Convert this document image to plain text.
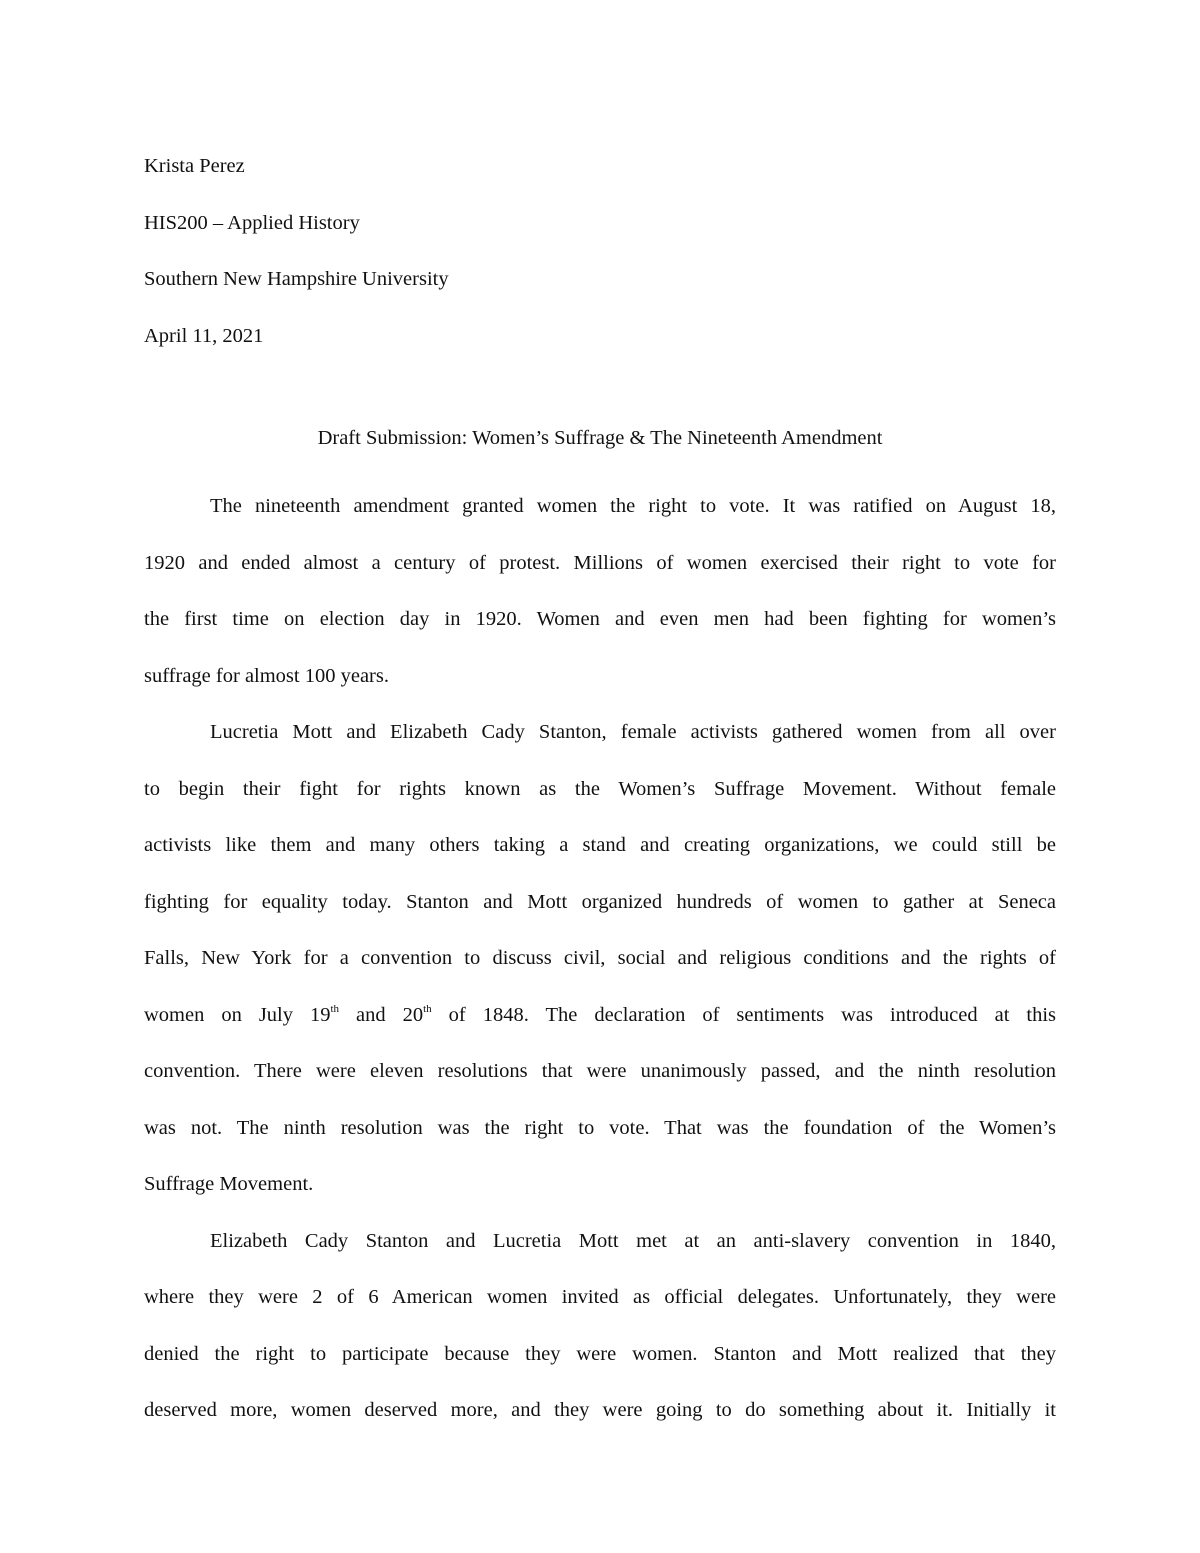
Krista Perez
HIS200 – Applied History
Southern New Hampshire University
April 11, 2021
Draft Submission: Women’s Suffrage & The Nineteenth Amendment
The nineteenth amendment granted women the right to vote. It was ratified on August 18,
1920 and ended almost a century of protest. Millions of women exercised their right to vote for
the first time on election day in 1920. Women and even men had been fighting for women’s
suffrage for almost 100 years.
Lucretia Mott and Elizabeth Cady Stanton, female activists gathered women from all over
to begin their fight for rights known as the Women’s Suffrage Movement. Without female
activists like them and many others taking a stand and creating organizations, we could still be
fighting for equality today. Stanton and Mott organized hundreds of women to gather at Seneca
Falls, New York for a convention to discuss civil, social and religious conditions and the rights of
women on July 19th and 20th of 1848. The declaration of sentiments was introduced at this
convention. There were eleven resolutions that were unanimously passed, and the ninth resolution
was not. The ninth resolution was the right to vote. That was the foundation of the Women’s
Suffrage Movement.
Elizabeth Cady Stanton and Lucretia Mott met at an anti-slavery convention in 1840,
where they were 2 of 6 American women invited as official delegates. Unfortunately, they were
denied the right to participate because they were women. Stanton and Mott realized that they
deserved more, women deserved more, and they were going to do something about it. Initially it
